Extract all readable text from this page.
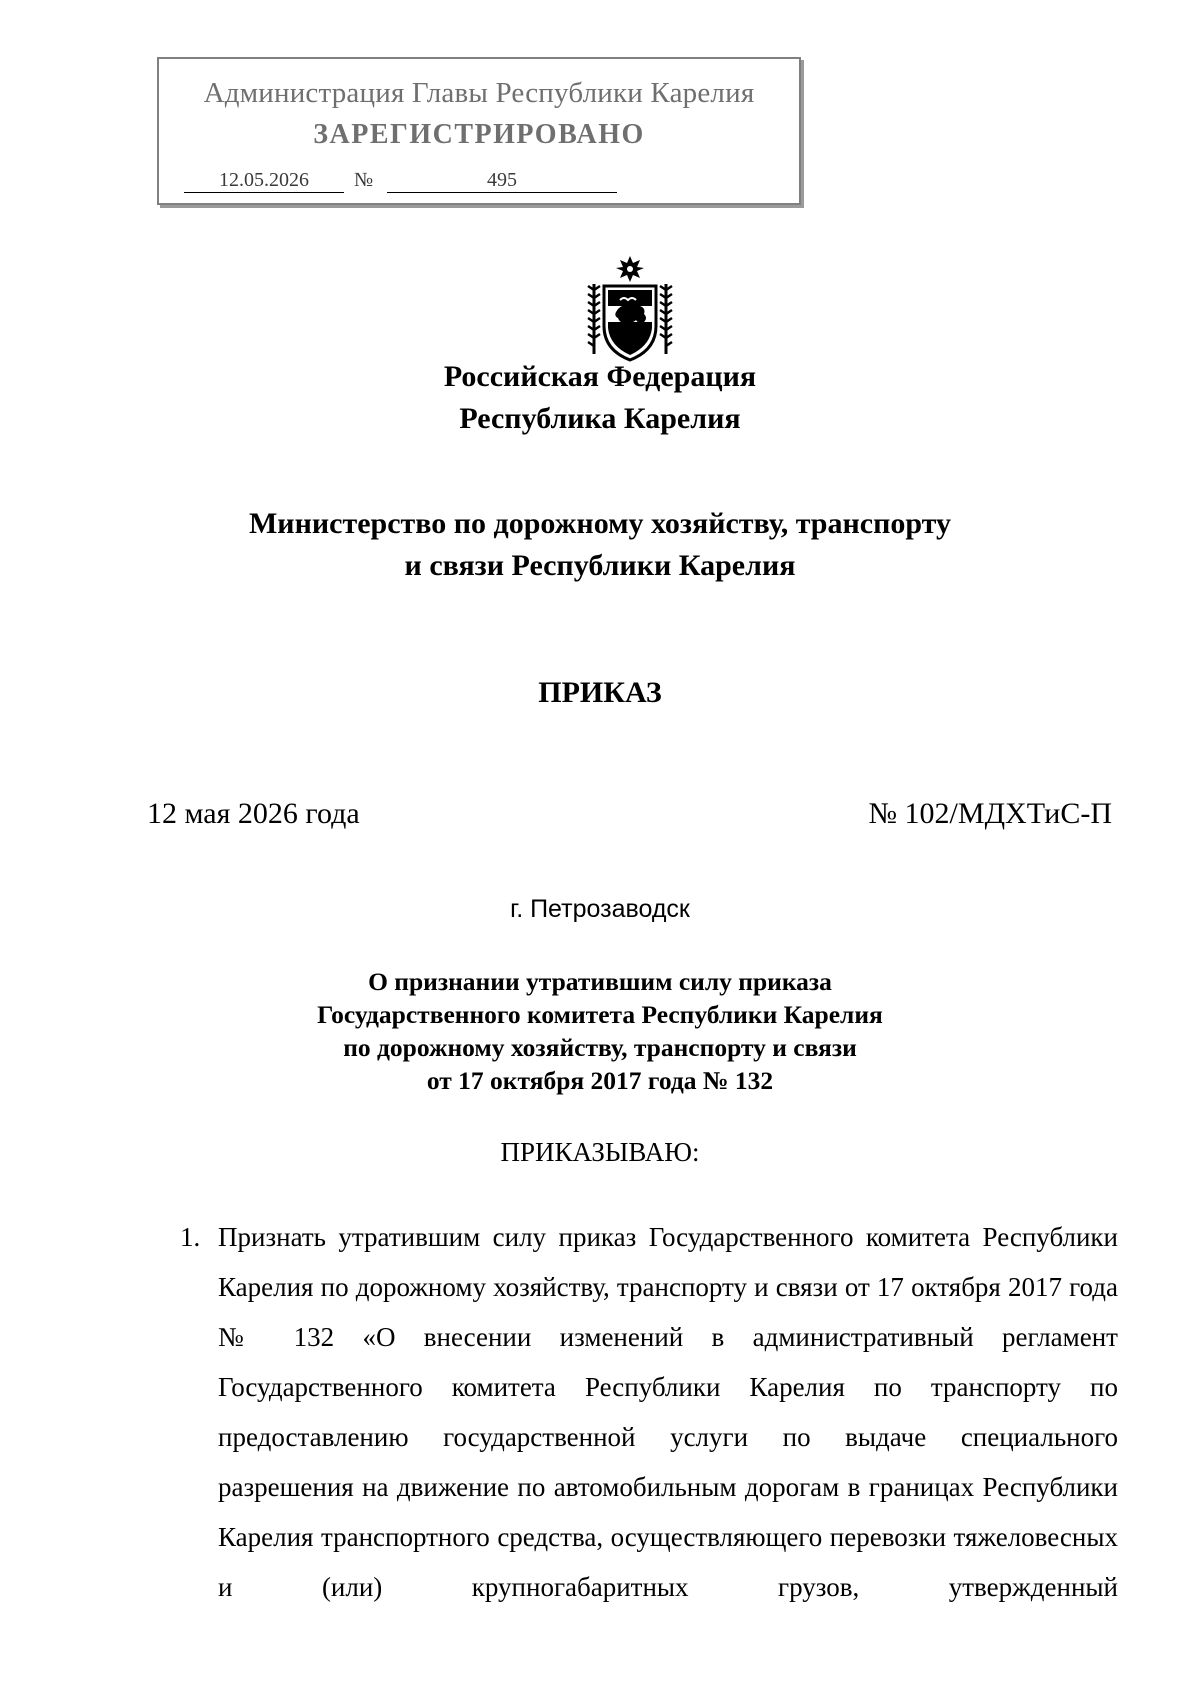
Администрация Главы Республики Карелия
ЗАРЕГИСТРИРОВАНО
12.05.2026	№	495
Российская Федерация
Республика Карелия
Министерство по дорожному хозяйству, транспорту
и связи Республики Карелия
ПРИКАЗ
12 мая 2026 года	№ 102/МДХТиС-П
г. Петрозаводск
О признании утратившим силу приказа
Государственного комитета Республики Карелия
по дорожному хозяйству, транспорту и связи
от 17 октября 2017 года № 132
ПРИКАЗЫВАЮ:
1. Признать утратившим силу приказ Государственного комитета Республики Карелия по дорожному хозяйству, транспорту и связи от 17 октября 2017 года № 132 «О внесении изменений в административный регламент Государственного комитета Республики Карелия по транспорту по предоставлению государственной услуги по выдаче специального разрешения на движение по автомобильным дорогам в границах Республики Карелия транспортного средства, осуществляющего перевозки тяжеловесных и (или) крупногабаритных грузов, утвержденный
